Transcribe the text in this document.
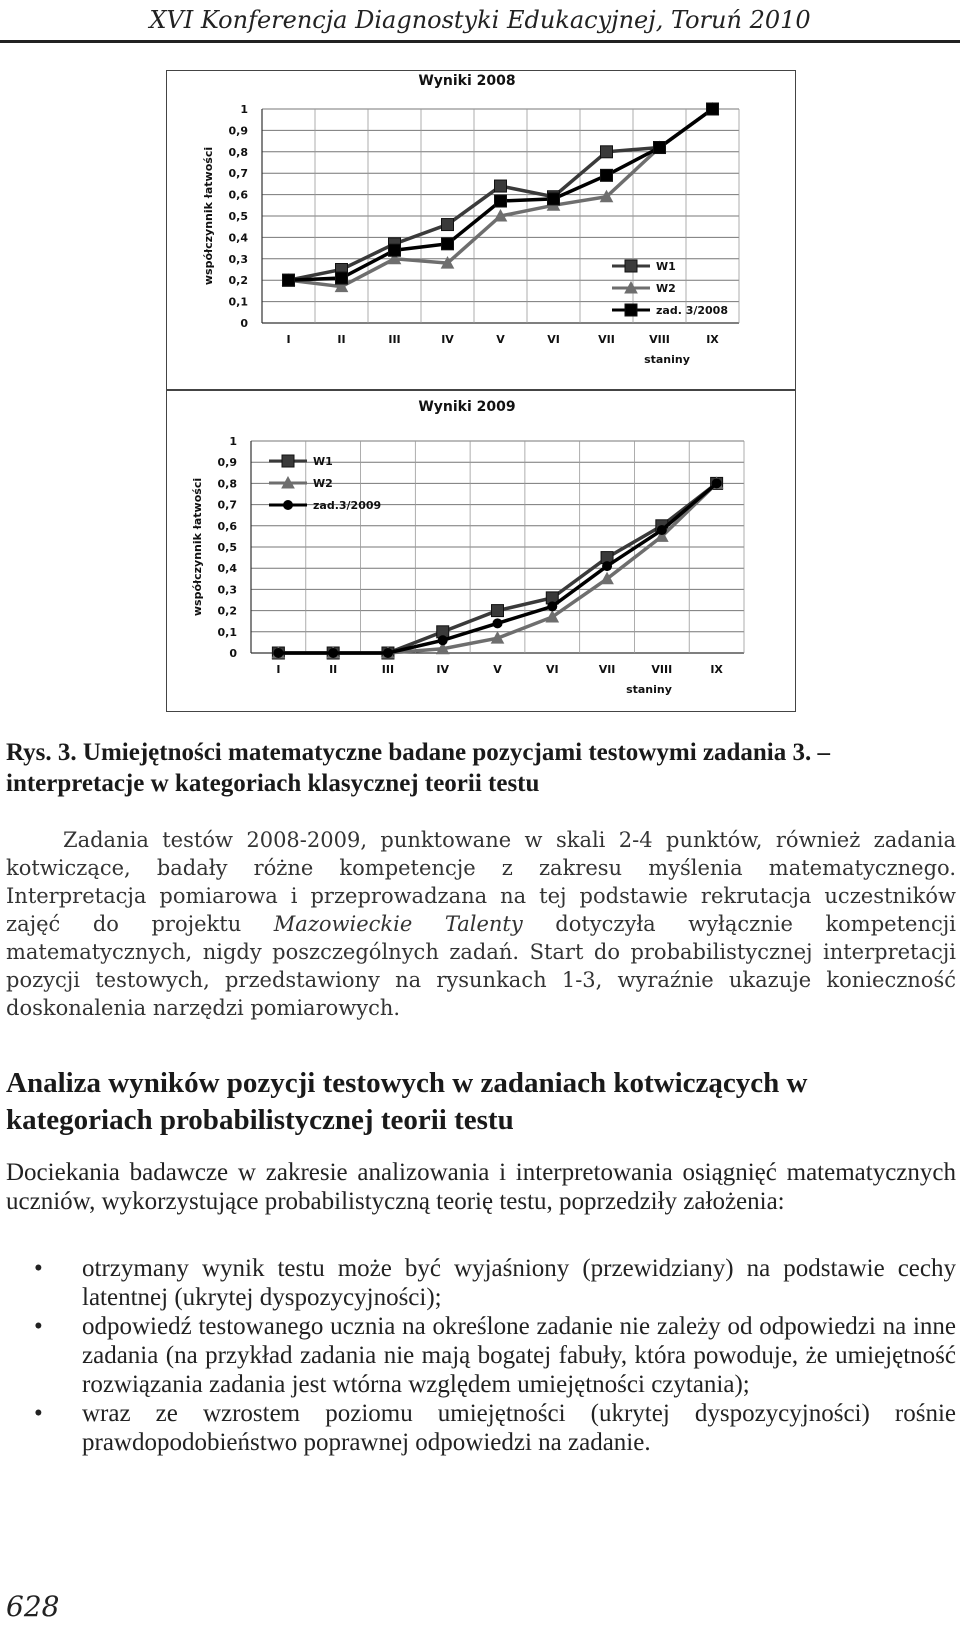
XVI Konferencja Diagnostyki Edukacyjnej, Toruń 2010
Wyniki 2008
0
0,1
0,2
0,3
0,4
0,5
0,6
0,7
0,8
0,9
1
I	II	III	IV	V	VI	VII	VIII	IX
staniny
współczynnik łatwości	W1
W2
zad. 3/2008
Wyniki 2009
0
0,1
0,2
0,3
0,4
0,5
0,6
0,7
0,8
0,9
1
I	II	III	IV	V	VI	VII	VIII	IX
staniny
współczynnik łatwości
W1
W2
zad.3/2009
Rys. 3. Umiejętności matematyczne badane pozycjami testowymi zadania 3. – interpretacje w kategoriach klasycznej teorii testu
Zadania testów 2008-2009, punktowane w skali 2-4 punktów, również zadania kotwiczące, badały różne kompetencje z zakresu myślenia matematycznego. Interpretacja pomiarowa i przeprowadzana na tej podstawie rekrutacja uczestników zajęć do projektu Mazowieckie Talenty dotyczyła wyłącznie kompetencji matematycznych, nigdy poszczególnych zadań. Start do probabilistycznej interpretacji pozycji testowych, przedstawiony na rysunkach 1-3, wyraźnie ukazuje konieczność doskonalenia narzędzi pomiarowych.
Analiza wyników pozycji testowych w zadaniach kotwiczących w kategoriach probabilistycznej teorii testu
Dociekania badawcze w zakresie analizowania i interpretowania osiągnięć matematycznych uczniów, wykorzystujące probabilistyczną teorię testu, poprzedziły założenia:
• otrzymany wynik testu może być wyjaśniony (przewidziany) na podstawie cechy latentnej (ukrytej dyspozycyjności);
• odpowiedź testowanego ucznia na określone zadanie nie zależy od odpowiedzi na inne zadania (na przykład zadania nie mają bogatej fabuły, która powoduje, że umiejętność rozwiązania zadania jest wtórna względem umiejętności czytania);
• wraz ze wzrostem poziomu umiejętności (ukrytej dyspozycyjności) rośnie prawdopodobieństwo poprawnej odpowiedzi na zadanie.
628
